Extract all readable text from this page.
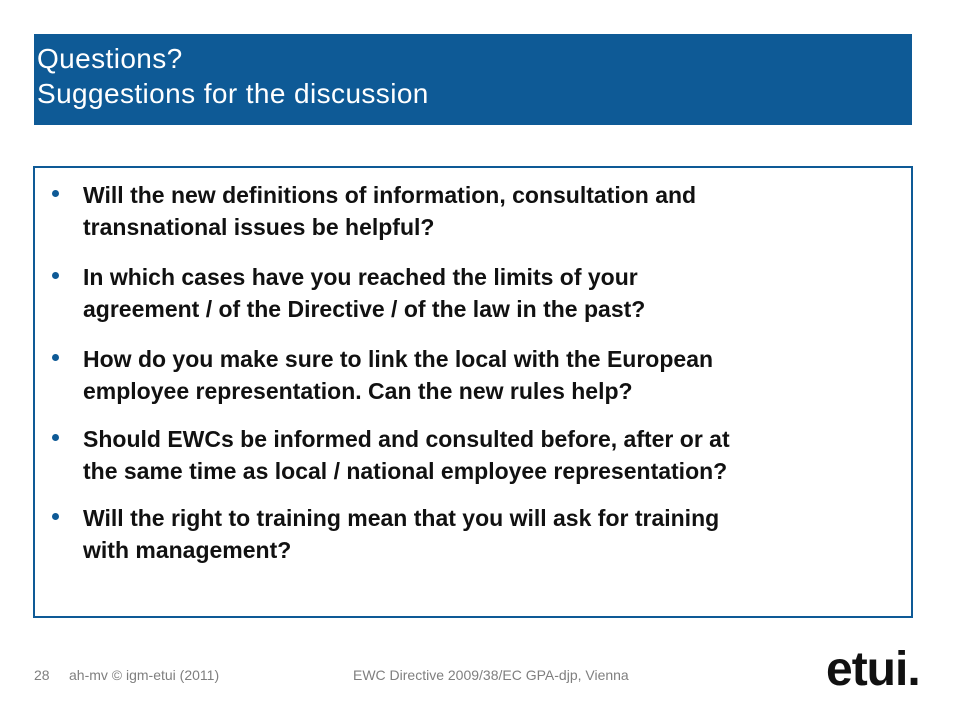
Questions?
Suggestions for the discussion
Will the new definitions of information, consultation and
transnational issues be helpful?
In which cases have you reached the limits of your
agreement / of the Directive / of the law in the past?
How do you make sure to link the local with the European
employee representation. Can the new rules help?
Should EWCs be informed and consulted before, after or at
the same time as local / national employee representation?
Will the right to training mean that you will ask for training
with management?
28 ah-mv © igm-etui (2011)	EWC Directive 2009/38/EC GPA-djp, Vienna	etui.
